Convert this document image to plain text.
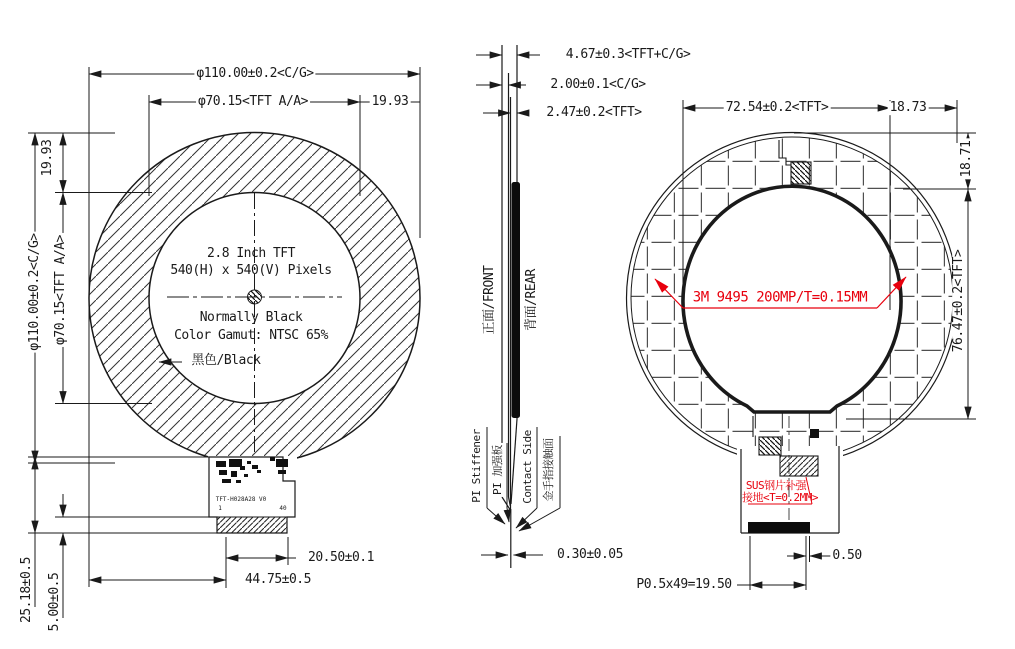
φ110.00±0.2<C/G>
φ70.15<TFT A/A>	19.93
19.93
φ110.00±0.2<C/G> φ70.15<TFT A/A>	2.8 Inch TFT
540(H) x 540(V) Pixels
Normally Black
Color Gamut: NTSC 65%
黑色/Black
TFT-H028A28 V0
1	40
25.18±0.5 5.00±0.5
20.50±0.1
44.75±0.5
4.67±0.3<TFT+C/G>
2.00±0.1<C/G>
2.47±0.2<TFT>
正面/FRONT 背面/REAR
PI Stiffener PI 加强板 Contact Side 金手指接触面
0.30±0.05
72.54±0.2<TFT>	18.73
18.71
76.47±0.2<TFT>
3M 9495 200MP/T=0.15MM
SUS钢片补强
接地<T=0.2MM>
0.50
P0.5x49=19.50
